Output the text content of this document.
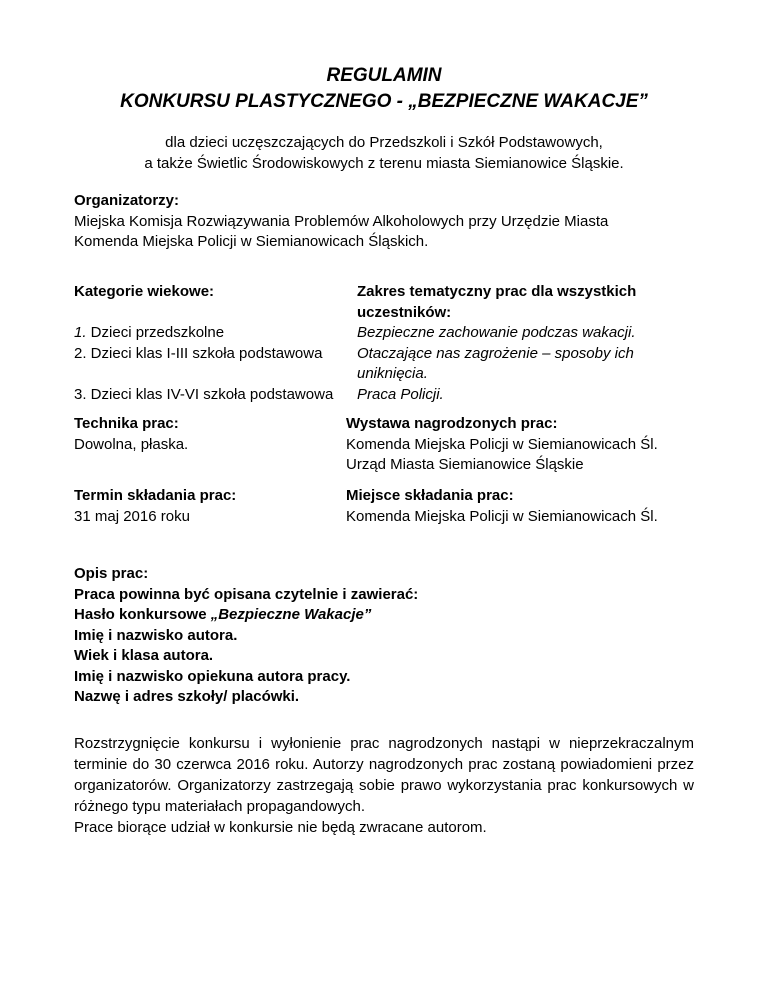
REGULAMIN
KONKURSU PLASTYCZNEGO - „BEZPIECZNE WAKACJE”
dla dzieci uczęszczających do Przedszkoli i Szkół Podstawowych,
a także Świetlic Środowiskowych z terenu miasta Siemianowice Śląskie.
Organizatorzy:
Miejska Komisja Rozwiązywania Problemów Alkoholowych przy Urzędzie Miasta
Komenda Miejska Policji w Siemianowicach Śląskich.
Kategorie wiekowe:

1. Dzieci przedszkolne
2. Dzieci klas I-III szkoła podstawowa

3. Dzieci klas IV-VI szkoła podstawowa
Zakres tematyczny prac dla wszystkich
uczestników:
Bezpieczne zachowanie podczas wakacji.
Otaczające nas zagrożenie – sposoby ich
uniknięcia.
Praca Policji.
Technika prac:
Dowolna, płaska.
Wystawa nagrodzonych prac:
Komenda Miejska Policji w Siemianowicach Śl.
Urząd Miasta Siemianowice Śląskie
Termin składania prac:
31 maj 2016 roku
Miejsce składania prac:
Komenda Miejska Policji w Siemianowicach Śl.
Opis prac:
Praca powinna być opisana czytelnie i zawierać:
Hasło konkursowe „Bezpieczne Wakacje”
Imię i nazwisko autora.
Wiek i klasa autora.
Imię i nazwisko opiekuna autora pracy.
Nazwę i adres szkoły/ placówki.
Rozstrzygnięcie konkursu i wyłonienie prac nagrodzonych nastąpi w nieprzekraczalnym terminie do 30 czerwca 2016 roku. Autorzy nagrodzonych prac zostaną powiadomieni przez organizatorów. Organizatorzy zastrzegają sobie prawo wykorzystania prac konkursowych w różnego typu materiałach propagandowych.
Prace biorące udział w konkursie nie będą zwracane autorom.
